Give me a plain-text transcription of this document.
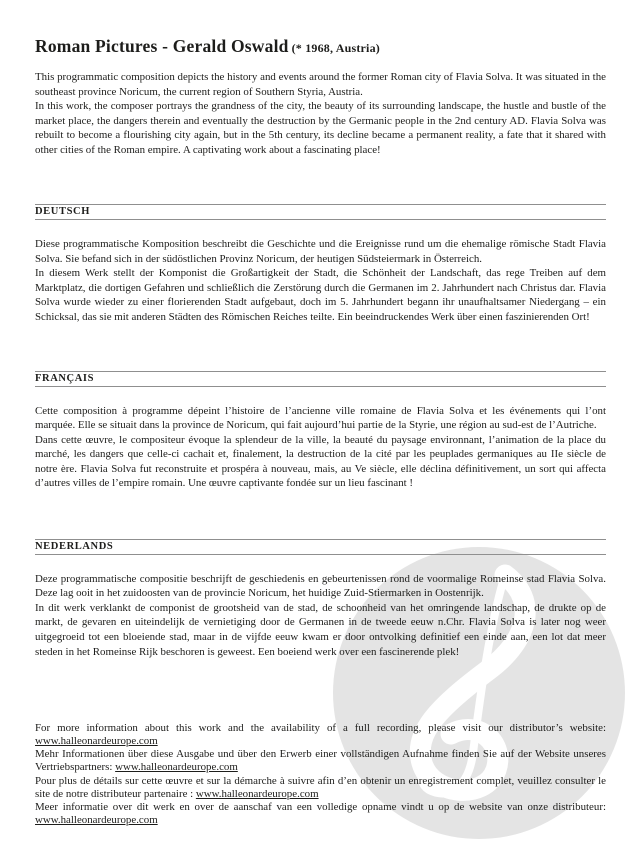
Roman Pictures - Gerald Oswald (* 1968, Austria)

This programmatic composition depicts the history and events around the former Roman city of Flavia Solva. It was situated in the southeast province Noricum, the current region of Southern Styria, Austria.

In this work, the composer portrays the grandness of the city, the beauty of its surrounding landscape, the hustle and bustle of the market place, the dangers therein and eventually the destruction by the Germanic people in the 2nd century AD. Flavia Solva was rebuilt to become a flourishing city again, but in the 5th century, its decline became a permanent reality, a fate that it shared with other cities of the Roman empire. A captivating work about a fascinating place!

DEUTSCH

Diese programmatische Komposition beschreibt die Geschichte und die Ereignisse rund um die ehemalige römische Stadt Flavia Solva. Sie befand sich in der südöstlichen Provinz Noricum, der heutigen Südsteiermark in Österreich.

In diesem Werk stellt der Komponist die Großartigkeit der Stadt, die Schönheit der Landschaft, das rege Treiben auf dem Marktplatz, die dortigen Gefahren und schließlich die Zerstörung durch die Germanen im 2. Jahrhundert nach Christus dar. Flavia Solva wurde wieder zu einer florierenden Stadt aufgebaut, doch im 5. Jahrhundert begann ihr unaufhaltsamer Niedergang – ein Schicksal, das sie mit anderen Städten des Römischen Reiches teilte. Ein beeindruckendes Werk über einen faszinierenden Ort!

FRANÇAIS

Cette composition à programme dépeint l’histoire de l’ancienne ville romaine de Flavia Solva et les événements qui l’ont marquée. Elle se situait dans la province de Noricum, qui fait aujourd’hui partie de la Styrie, une région au sud-est de l’Autriche.

Dans cette œuvre, le compositeur évoque la splendeur de la ville, la beauté du paysage environnant, l’animation de la place du marché, les dangers que celle-ci cachait et, finalement, la destruction de la cité par les peuplades germaniques au IIe siècle de notre ère. Flavia Solva fut reconstruite et prospéra à nouveau, mais, au Ve siècle, elle déclina définitivement, un sort qui affecta d’autres villes de l’empire romain. Une œuvre captivante fondée sur un lieu fascinant !

NEDERLANDS

Deze programmatische compositie beschrijft de geschiedenis en gebeurtenissen rond de voormalige Romeinse stad Flavia Solva. Deze lag ooit in het zuidoosten van de provincie Noricum, het huidige Zuid-Stiermarken in Oostenrijk.

In dit werk verklankt de componist de grootsheid van de stad, de schoonheid van het omringende landschap, de drukte op de markt, de gevaren en uiteindelijk de vernietiging door de Germanen in de tweede eeuw n.Chr. Flavia Solva is later nog weer uitgegroeid tot een bloeiende stad, maar in de vijfde eeuw kwam er door ontvolking definitief een einde aan, een lot dat meer steden in het Romeinse Rijk beschoren is geweest. Een boeiend werk over een fascinerende plek!

For more information about this work and the availability of a full recording, please visit our distributor’s website: www.halleonardeurope.com

Mehr Informationen über diese Ausgabe und über den Erwerb einer vollständigen Aufnahme finden Sie auf der Website unseres Vertriebspartners: www.halleonardeurope.com

Pour plus de détails sur cette œuvre et sur la démarche à suivre afin d’en obtenir un enregistrement complet, veuillez consulter le site de notre distributeur partenaire : www.halleonardeurope.com

Meer informatie over dit werk en over de aanschaf van een volledige opname vindt u op de website van onze distributeur: www.halleonardeurope.com
